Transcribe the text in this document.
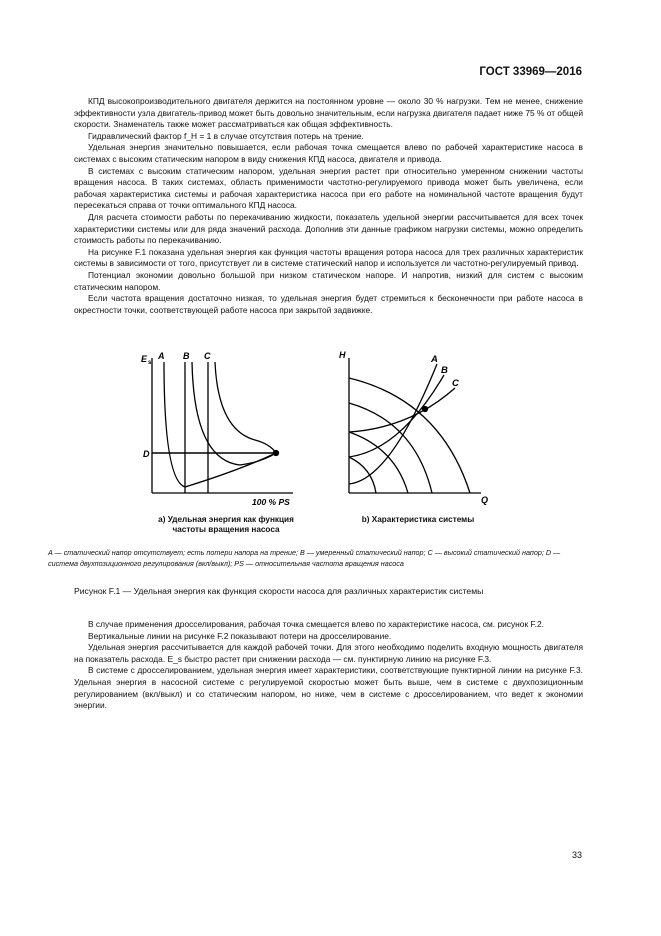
ГОСТ 33969—2016

КПД высокопроизводительного двигателя держится на постоянном уровне — около 30 % нагрузки. Тем не менее, снижение эффективности узла двигатель-привод может быть довольно значительным, если нагрузка двигателя падает ниже 75 % от общей скорости. Знаменатель также может рассматриваться как общая эффективность.

Гидравлический фактор f_H = 1 в случае отсутствия потерь на трение.

Удельная энергия значительно повышается, если рабочая точка смещается влево по рабочей характеристике насоса в системах с высоким статическим напором в виду снижения КПД насоса, двигателя и привода.

В системах с высоким статическим напором, удельная энергия растет при относительно умеренном снижении частоты вращения насоса. В таких системах, область применимости частотно-регулируемого привода может быть увеличена, если рабочая характеристика системы и рабочая характеристика насоса при его работе на номинальной частоте вращения будут пересекаться справа от точки оптимального КПД насоса.

Для расчета стоимости работы по перекачиванию жидкости, показатель удельной энергии рассчитывается для всех точек характеристики системы или для ряда значений расхода. Дополнив эти данные графиком нагрузки системы, можно определить стоимость работы по перекачиванию.

На рисунке F.1 показана удельная энергия как функция частоты вращения ротора насоса для трех различных характеристик системы в зависимости от того, присутствует ли в системе статический напор и используется ли частотно-регулируемый привод.

Потенциал экономии довольно большой при низком статическом напоре. И напротив, низкий для систем с высоким статическим напором.

Если частота вращения достаточно низкая, то удельная энергия будет стремиться к бесконечности при работе насоса в окрестности точки, соответствующей работе насоса при закрытой задвижке.

E s
A B C
D
100 % PS
H	A
B
C
Q
а) Удельная энергия как функция частоты вращения насоса
b) Характеристика системы
A — статический напор отсутствует; есть потери напора на трение; B — умеренный статический напор; C — высокий статический напор; D — система двухпозиционного регулирования (вкл/выкл); PS — относительная частота вращения насоса
Рисунок F.1 — Удельная энергия как функция скорости насоса для различных характеристик системы

В случае применения дросселирования, рабочая точка смещается влево по характеристике насоса, см. рисунок F.2.

Вертикальные линии на рисунке F.2 показывают потери на дросселирование.

Удельная энергия рассчитывается для каждой рабочей точки. Для этого необходимо поделить входную мощность двигателя на показатель расхода. E_s быстро растет при снижении расхода — см. пунктирную линию на рисунке F.3.

В системе с дросселированием, удельная энергия имеет характеристики, соответствующие пунктирной линии на рисунке F.3. Удельная энергия в насосной системе с регулируемой скоростью может быть выше, чем в системе с двухпозиционным регулированием (вкл/выкл) и со статическим напором, но ниже, чем в системе с дросселированием, что ведет к экономии энергии.

33
